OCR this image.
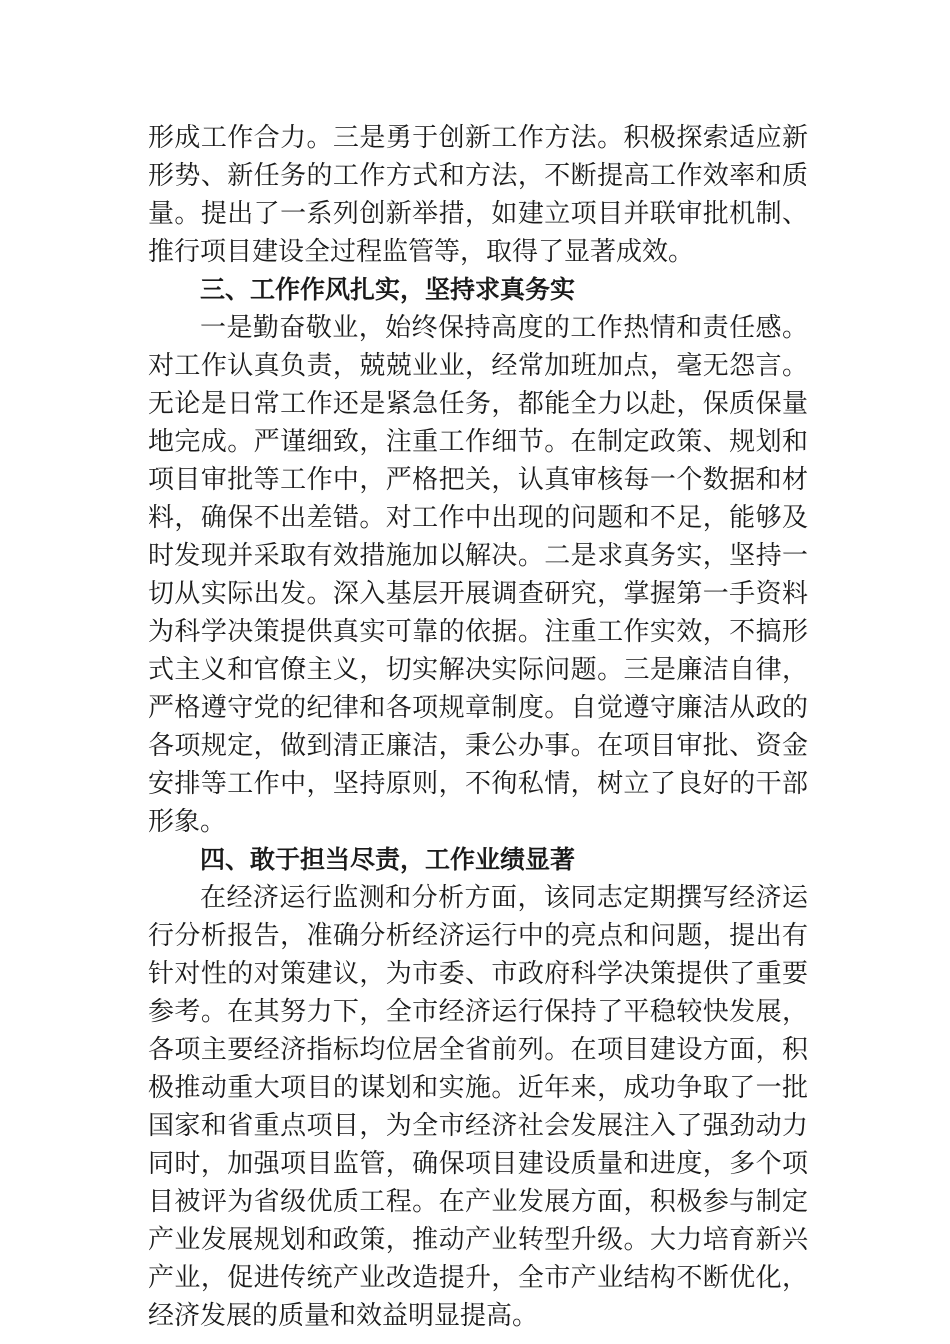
形成工作合力。三是勇于创新工作方法。积极探索适应新
形势、新任务的工作方式和方法，不断提高工作效率和质
量。提出了一系列创新举措，如建立项目并联审批机制、
推行项目建设全过程监管等，取得了显著成效。
三、工作作风扎实，坚持求真务实
一是勤奋敬业，始终保持高度的工作热情和责任感。
对工作认真负责，兢兢业业，经常加班加点，毫无怨言。
无论是日常工作还是紧急任务，都能全力以赴，保质保量
地完成。严谨细致，注重工作细节。在制定政策、规划和
项目审批等工作中，严格把关，认真审核每一个数据和材
料，确保不出差错。对工作中出现的问题和不足，能够及
时发现并采取有效措施加以解决。二是求真务实，坚持一
切从实际出发。深入基层开展调查研究，掌握第一手资料
为科学决策提供真实可靠的依据。注重工作实效，不搞形
式主义和官僚主义，切实解决实际问题。三是廉洁自律，
严格遵守党的纪律和各项规章制度。自觉遵守廉洁从政的
各项规定，做到清正廉洁，秉公办事。在项目审批、资金
安排等工作中，坚持原则，不徇私情，树立了良好的干部
形象。
四、敢于担当尽责，工作业绩显著
在经济运行监测和分析方面，该同志定期撰写经济运
行分析报告，准确分析经济运行中的亮点和问题，提出有
针对性的对策建议，为市委、市政府科学决策提供了重要
参考。在其努力下，全市经济运行保持了平稳较快发展，
各项主要经济指标均位居全省前列。在项目建设方面，积
极推动重大项目的谋划和实施。近年来，成功争取了一批
国家和省重点项目，为全市经济社会发展注入了强劲动力
同时，加强项目监管，确保项目建设质量和进度，多个项
目被评为省级优质工程。在产业发展方面，积极参与制定
产业发展规划和政策，推动产业转型升级。大力培育新兴
产业，促进传统产业改造提升，全市产业结构不断优化，
经济发展的质量和效益明显提高。
